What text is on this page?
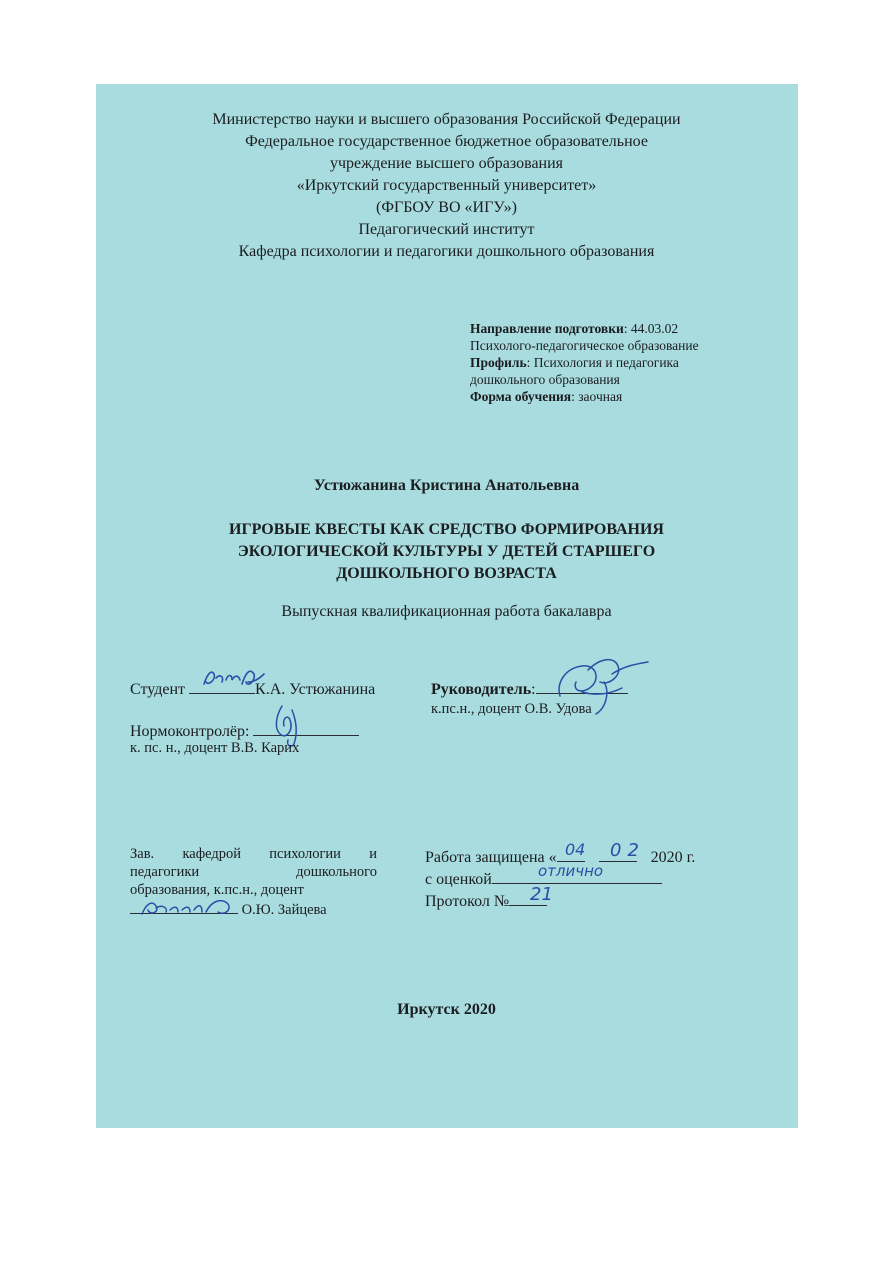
Министерство науки и высшего образования Российской Федерации
Федеральное государственное бюджетное образовательное
учреждение высшего образования
«Иркутский государственный университет»
(ФГБОУ ВО «ИГУ»)
Педагогический институт
Кафедра психологии и педагогики дошкольного образования
Направление подготовки: 44.03.02
Психолого-педагогическое образование
Профиль: Психология и педагогика
дошкольного образования
Форма обучения: заочная
Устюжанина Кристина Анатольевна
ИГРОВЫЕ КВЕСТЫ КАК СРЕДСТВО ФОРМИРОВАНИЯ
ЭКОЛОГИЧЕСКОЙ КУЛЬТУРЫ У ДЕТЕЙ СТАРШЕГО
ДОШКОЛЬНОГО ВОЗРАСТА
Выпускная квалификационная работа бакалавра
Студент	К.А. Устюжанина	Руководитель:
к.пс.н., доцент О.В. Удова
Нормоконтролёр:
к. пс. н., доцент В.В. Карих
Зав. кафедрой психологии и
педагогики	дошкольного
образования, к.пс.н., доцент
О.Ю. Зайцева
Работа защищена «	2020 г.
04 02
с оценкой	отлично
Протокол №	21
Иркутск 2020
